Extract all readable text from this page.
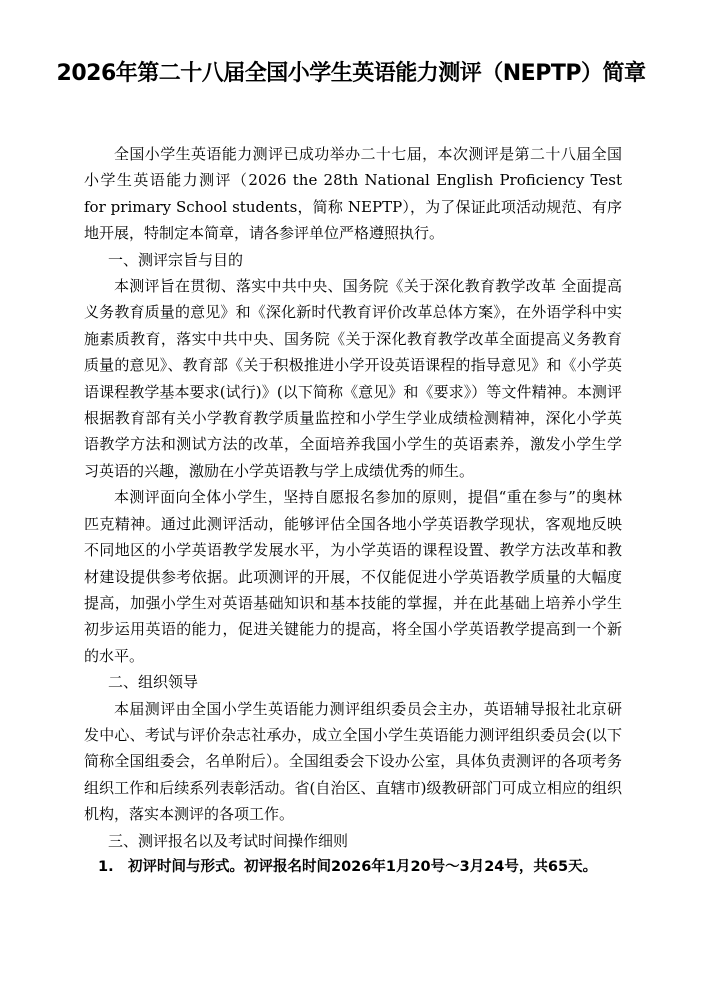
2026年第二十八届全国小学生英语能力测评（NEPTP）简章

全国小学生英语能力测评已成功举办二十七届，本次测评是第二十八届全国小学生英语能力测评（2026 the 28th National English Proficiency Test for primary School students，简称 NEPTP），为了保证此项活动规范、有序地开展，特制定本简章，请各参评单位严格遵照执行。

一、测评宗旨与目的

本测评旨在贯彻、落实中共中央、国务院《关于深化教育教学改革 全面提高义务教育质量的意见》和《深化新时代教育评价改革总体方案》，在外语学科中实施素质教育，落实中共中央、国务院《关于深化教育教学改革全面提高义务教育质量的意见》、教育部《关于积极推进小学开设英语课程的指导意见》和《小学英语课程教学基本要求(试行)》(以下简称《意见》和《要求》）等文件精神。本测评根据教育部有关小学教育教学质量监控和小学生学业成绩检测精神，深化小学英语教学方法和测试方法的改革，全面培养我国小学生的英语素养，激发小学生学习英语的兴趣，激励在小学英语教与学上成绩优秀的师生。

本测评面向全体小学生，坚持自愿报名参加的原则，提倡“重在参与”的奥林匹克精神。通过此测评活动，能够评估全国各地小学英语教学现状，客观地反映不同地区的小学英语教学发展水平，为小学英语的课程设置、教学方法改革和教材建设提供参考依据。此项测评的开展，不仅能促进小学英语教学质量的大幅度提高，加强小学生对英语基础知识和基本技能的掌握，并在此基础上培养小学生初步运用英语的能力，促进关键能力的提高，将全国小学英语教学提高到一个新的水平。

二、组织领导

本届测评由全国小学生英语能力测评组织委员会主办，英语辅导报社北京研发中心、考试与评价杂志社承办，成立全国小学生英语能力测评组织委员会(以下简称全国组委会，名单附后）。全国组委会下设办公室，具体负责测评的各项考务组织工作和后续系列表彰活动。省(自治区、直辖市)级教研部门可成立相应的组织机构，落实本测评的各项工作。

三、测评报名以及考试时间操作细则
1. 初评时间与形式。初评报名时间2026年1月20号～3月24号，共65天。
